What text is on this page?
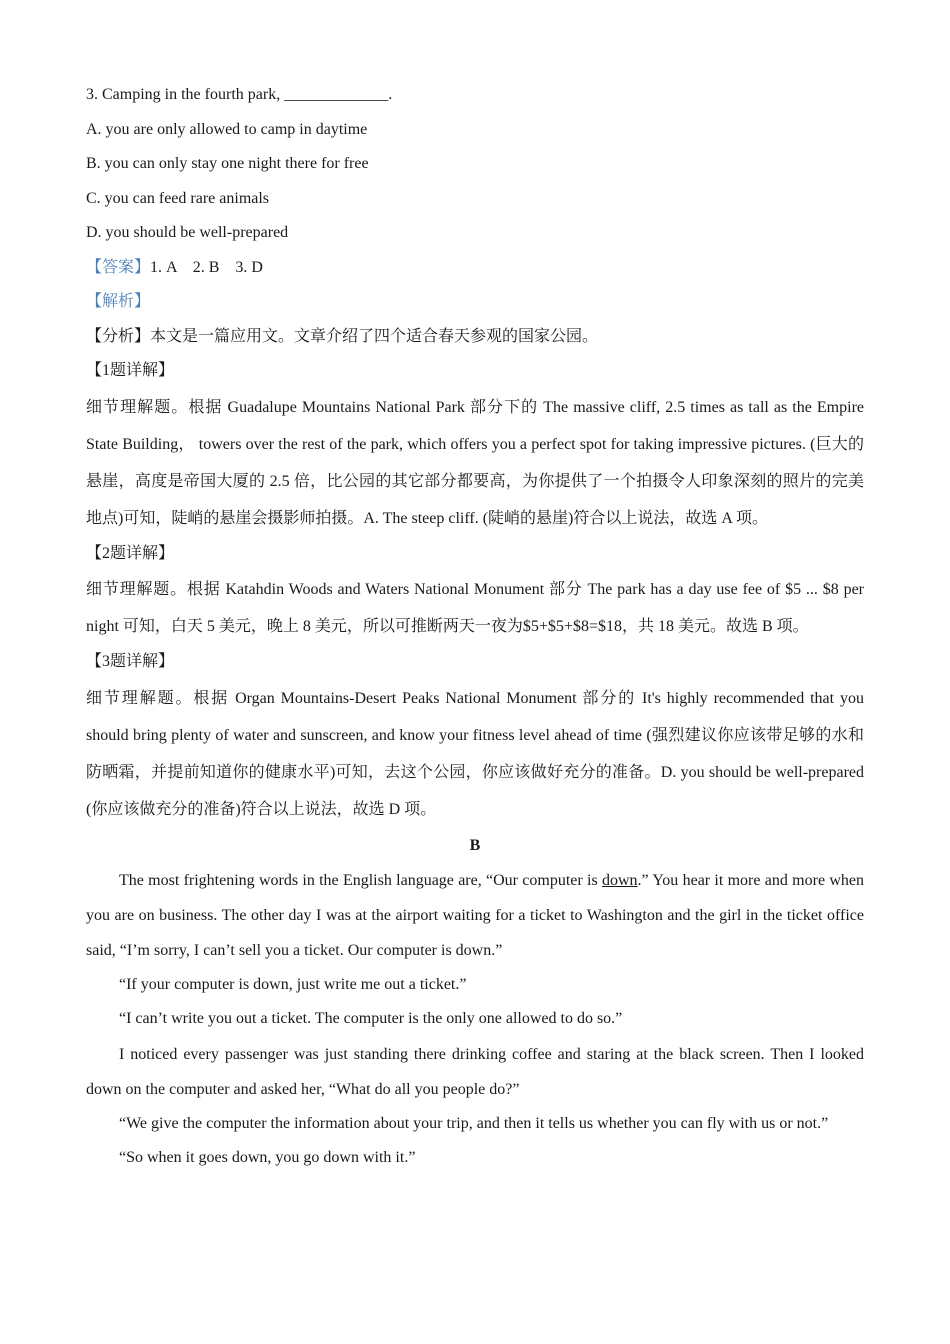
3. Camping in the fourth park, _____________.

A. you are only allowed to camp in daytime

B. you can only stay one night there for free

C. you can feed rare animals

D. you should be well-prepared

【答案】1. A    2. B    3. D

【解析】

【分析】本文是一篇应用文。文章介绍了四个适合春天参观的国家公园。

【1题详解】

细节理解题。根据 Guadalupe Mountains National Park 部分下的 The massive cliff, 2.5 times as tall as the Empire State Building， towers over the rest of the park, which offers you a perfect spot for taking impressive pictures. (巨大的悬崖，高度是帝国大厦的 2.5 倍，比公园的其它部分都要高，为你提供了一个拍摄令人印象深刻的照片的完美地点)可知，陡峭的悬崖会摄影师拍摄。A. The steep cliff. (陡峭的悬崖)符合以上说法，故选 A 项。

【2题详解】

细节理解题。根据 Katahdin Woods and Waters National Monument 部分 The park has a day use fee of $5 ... $8 per night 可知，白天 5 美元，晚上 8 美元，所以可推断两天一夜为$5+$5+$8=$18，共 18 美元。故选 B 项。

【3题详解】

细节理解题。根据 Organ Mountains-Desert Peaks National Monument 部分的 It's highly recommended that you should bring plenty of water and sunscreen, and know your fitness level ahead of time (强烈建议你应该带足够的水和防晒霜，并提前知道你的健康水平)可知，去这个公园，你应该做好充分的准备。D. you should be well-prepared (你应该做充分的准备)符合以上说法，故选 D 项。

B

The most frightening words in the English language are, “Our computer is down.” You hear it more and more when you are on business. The other day I was at the airport waiting for a ticket to Washington and the girl in the ticket office said, “I’m sorry, I can’t sell you a ticket. Our computer is down.”

“If your computer is down, just write me out a ticket.”

“I can’t write you out a ticket. The computer is the only one allowed to do so.”

I noticed every passenger was just standing there drinking coffee and staring at the black screen. Then I looked down on the computer and asked her, “What do all you people do?”

“We give the computer the information about your trip, and then it tells us whether you can fly with us or not.”

“So when it goes down, you go down with it.”
